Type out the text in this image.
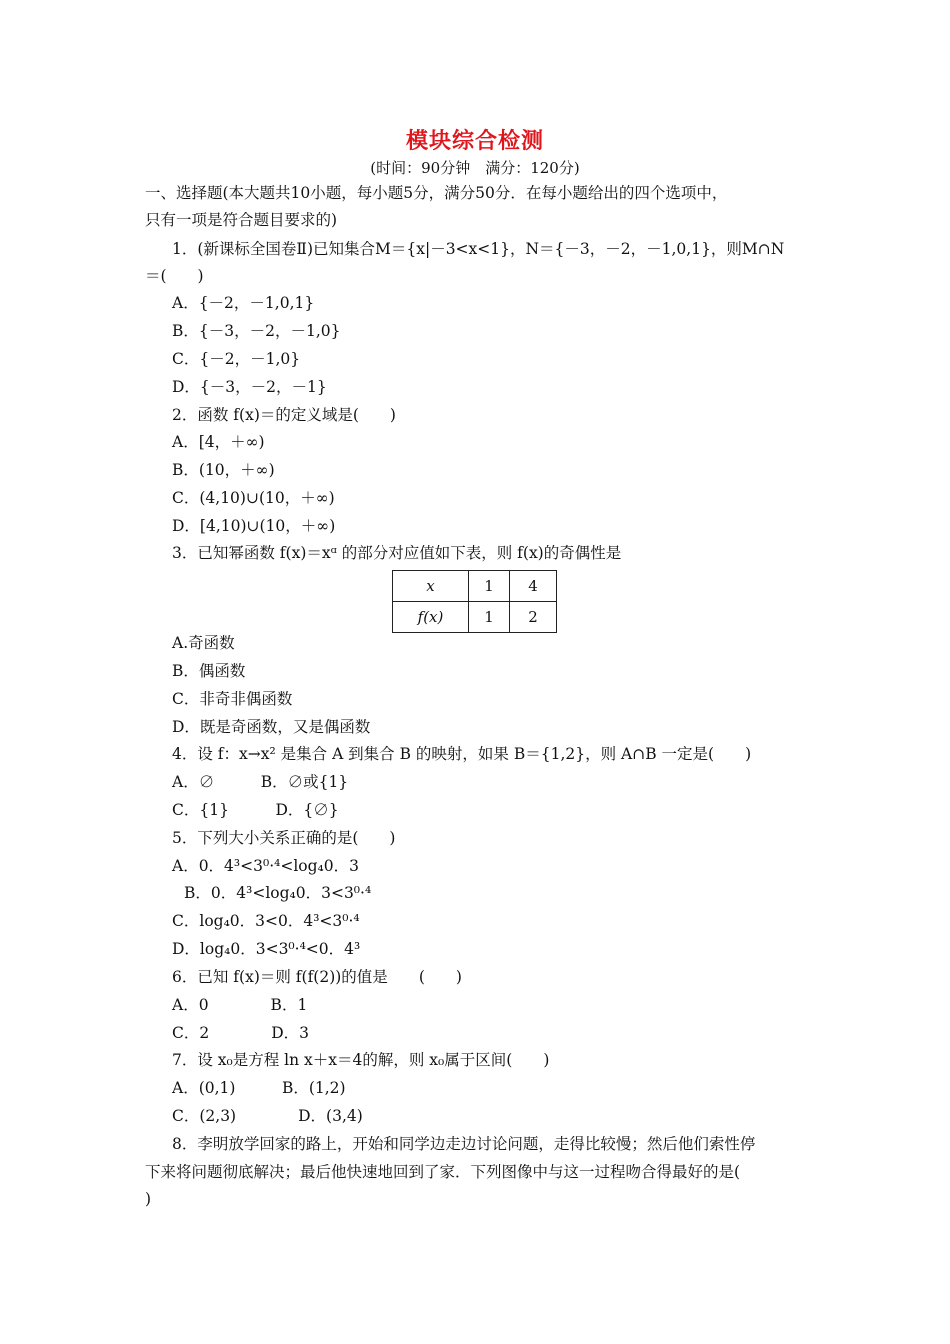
模块综合检测
(时间：90分钟　满分：120分)
一、选择题(本大题共10小题，每小题5分，满分50分．在每小题给出的四个选项中，
只有一项是符合题目要求的)
1．(新课标全国卷Ⅱ)已知集合M＝{x|－3<x<1}，N＝{－3，－2，－1,0,1}，则M∩N
＝(　　)
A．{－2，－1,0,1}
B．{－3，－2，－1,0}
C．{－2，－1,0}
D．{－3，－2，－1}
2．函数 f(x)＝的定义域是(　　)
A．[4，＋∞)
B．(10，＋∞)
C．(4,10)∪(10，＋∞)
D．[4,10)∪(10，＋∞)
3．已知幂函数 f(x)＝xᵅ 的部分对应值如下表，则 f(x)的奇偶性是
x	1	4
f(x)	1	2
A.奇函数
B．偶函数
C．非奇非偶函数
D．既是奇函数，又是偶函数
4．设 f：x→x² 是集合 A 到集合 B 的映射，如果 B＝{1,2}，则 A∩B 一定是(　　)
A．∅　　　B．∅或{1}
C．{1}　　　D．{∅}
5．下列大小关系正确的是(　　)
A．0．4³<3⁰·⁴<log₄0．3
B．0．4³<log₄0．3<3⁰·⁴
C．log₄0．3<0．4³<3⁰·⁴
D．log₄0．3<3⁰·⁴<0．4³
6．已知 f(x)＝则 f(f(2))的值是　　(　　)
A．0　　　　B．1
C．2　　　　D．3
7．设 x₀是方程 ln x＋x＝4的解，则 x₀属于区间(　　)
A．(0,1)　　　B．(1,2)
C．(2,3)　　　　D．(3,4)
8．李明放学回家的路上，开始和同学边走边讨论问题，走得比较慢；然后他们索性停
下来将问题彻底解决；最后他快速地回到了家．下列图像中与这一过程吻合得最好的是(
)
